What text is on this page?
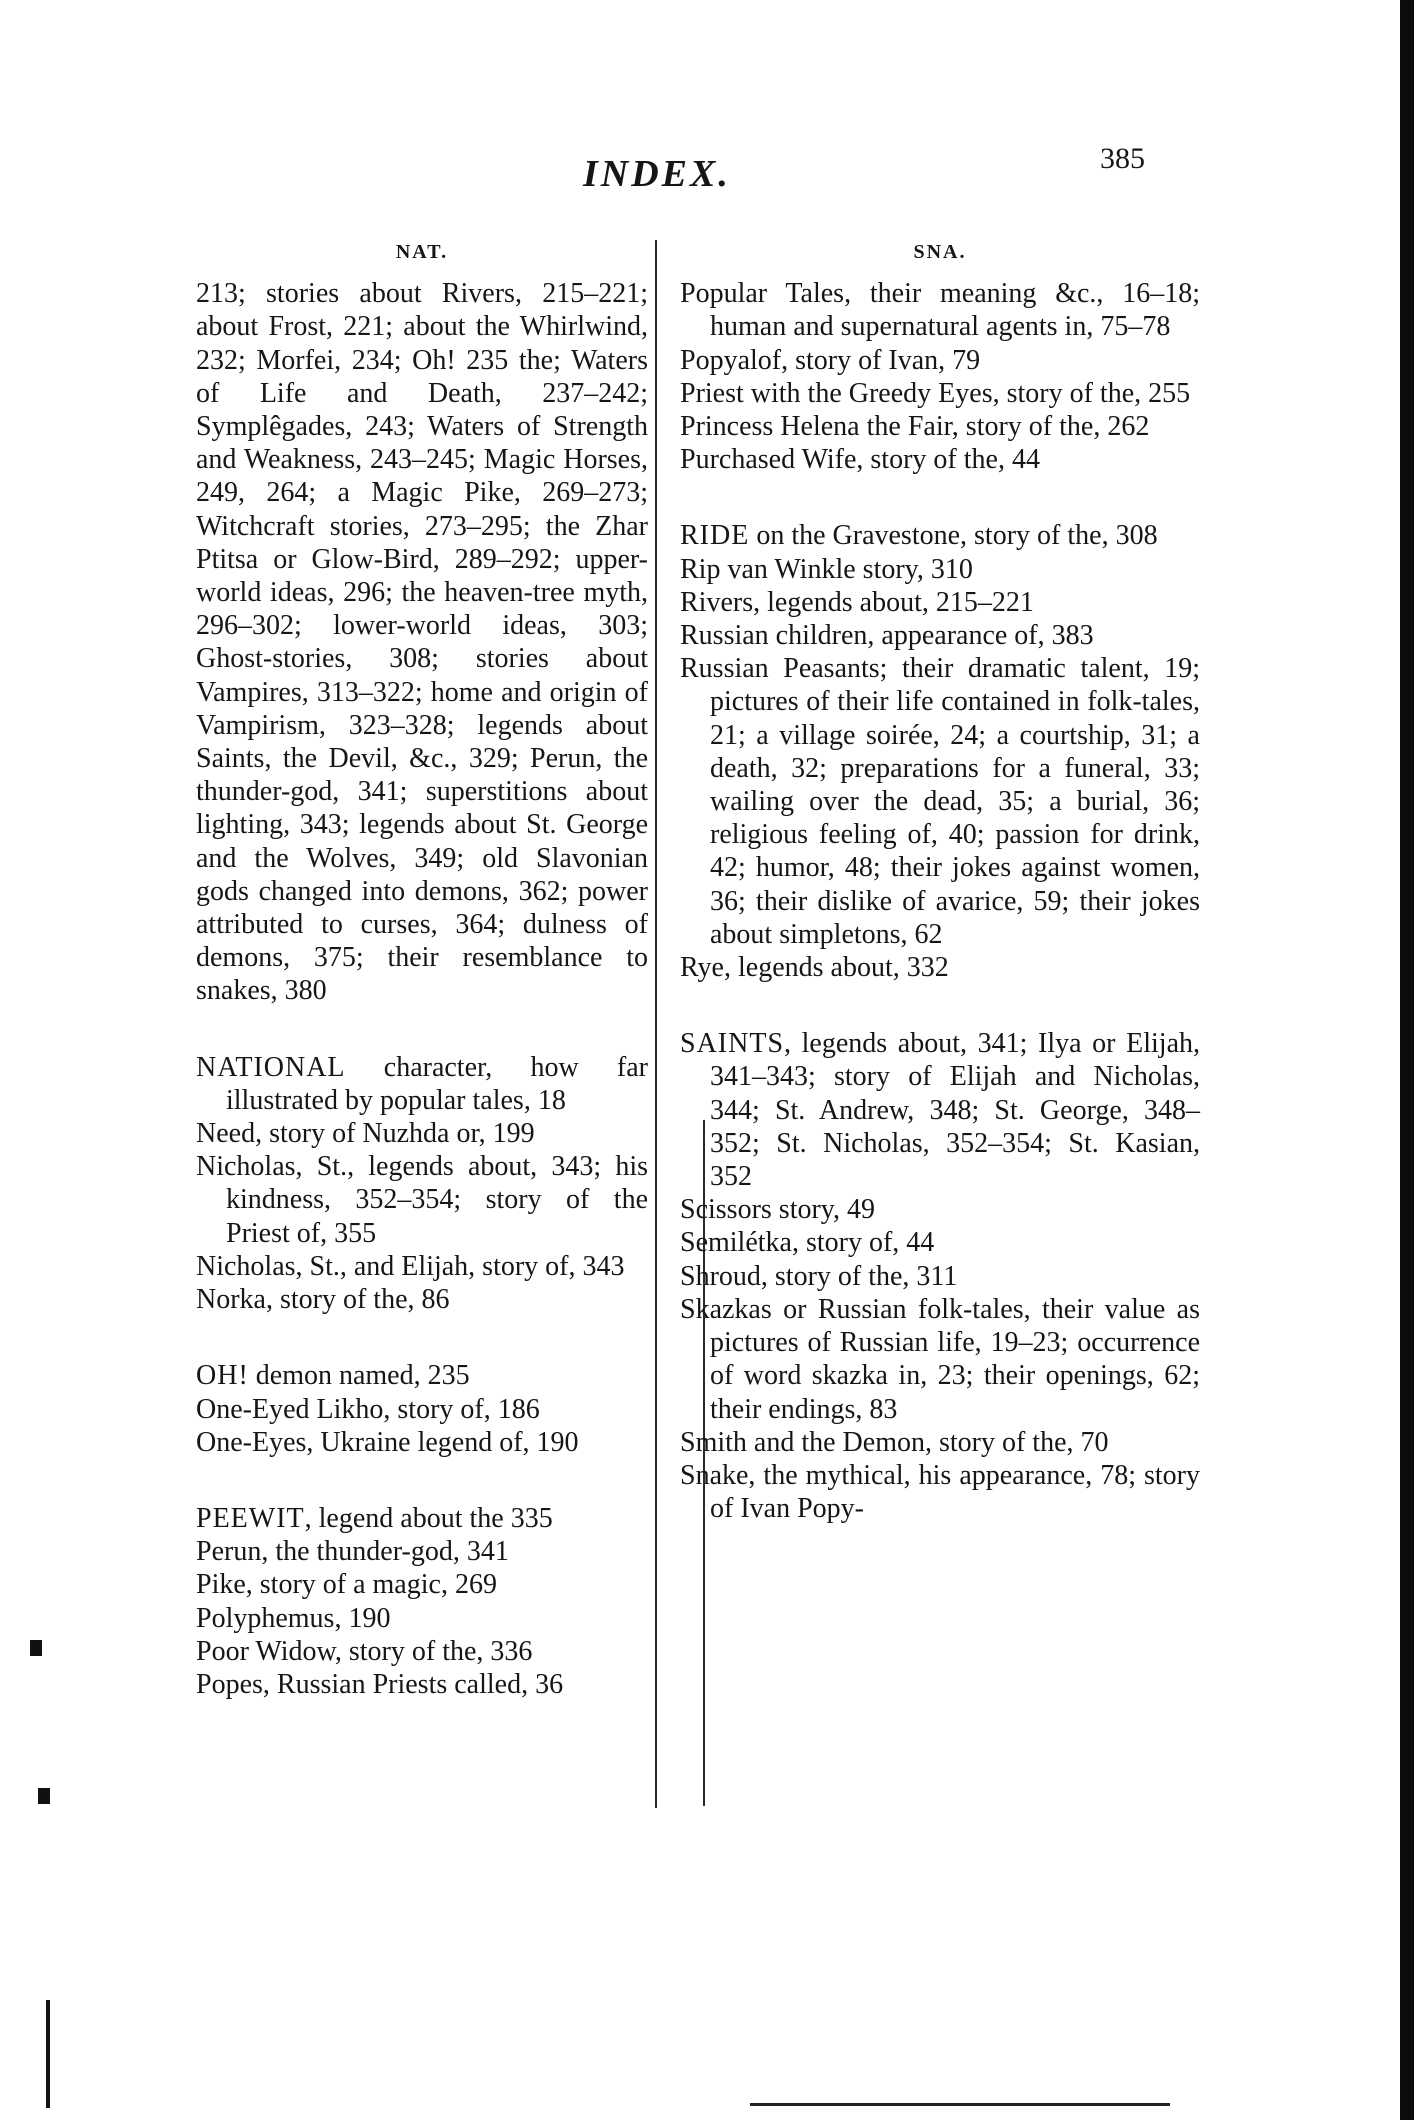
INDEX.	385
NAT.
213; stories about Rivers, 215–221; about Frost, 221; about the Whirlwind, 232; Morfei, 234; Oh! 235 the; Waters of Life and Death, 237–242; Symplêgades, 243; Waters of Strength and Weakness, 243–245; Magic Horses, 249, 264; a Magic Pike, 269–273; Witchcraft stories, 273–295; the Zhar Ptitsa or Glow-Bird, 289–292; upper-world ideas, 296; the heaven-tree myth, 296–302; lower-world ideas, 303; Ghost-stories, 308; stories about Vampires, 313–322; home and origin of Vampirism, 323–328; legends about Saints, the Devil, &c., 329; Perun, the thunder-god, 341; superstitions about lighting, 343; legends about St. George and the Wolves, 349; old Slavonian gods changed into demons, 362; power attributed to curses, 364; dulness of demons, 375; their resemblance to snakes, 380
NATIONAL character, how far illustrated by popular tales, 18
Need, story of Nuzhda or, 199
Nicholas, St., legends about, 343; his kindness, 352–354; story of the Priest of, 355
Nicholas, St., and Elijah, story of, 343
Norka, story of the, 86
OH! demon named, 235
One-Eyed Likho, story of, 186
One-Eyes, Ukraine legend of, 190
PEEWIT, legend about the 335
Perun, the thunder-god, 341
Pike, story of a magic, 269
Polyphemus, 190
Poor Widow, story of the, 336
Popes, Russian Priests called, 36
SNA.
Popular Tales, their meaning &c., 16–18; human and supernatural agents in, 75–78
Popyalof, story of Ivan, 79
Priest with the Greedy Eyes, story of the, 255
Princess Helena the Fair, story of the, 262
Purchased Wife, story of the, 44
RIDE on the Gravestone, story of the, 308
Rip van Winkle story, 310
Rivers, legends about, 215–221
Russian children, appearance of, 383
Russian Peasants; their dramatic talent, 19; pictures of their life contained in folk-tales, 21; a village soirée, 24; a courtship, 31; a death, 32; preparations for a funeral, 33; wailing over the dead, 35; a burial, 36; religious feeling of, 40; passion for drink, 42; humor, 48; their jokes against women, 36; their dislike of avarice, 59; their jokes about simpletons, 62
Rye, legends about, 332
SAINTS, legends about, 341; Ilya or Elijah, 341–343; story of Elijah and Nicholas, 344; St. Andrew, 348; St. George, 348–352; St. Nicholas, 352–354; St. Kasian, 352
Scissors story, 49
Semilétka, story of, 44
Shroud, story of the, 311
Skazkas or Russian folk-tales, their value as pictures of Russian life, 19–23; occurrence of word skazka in, 23; their openings, 62; their endings, 83
Smith and the Demon, story of the, 70
Snake, the mythical, his appearance, 78; story of Ivan Popy-
